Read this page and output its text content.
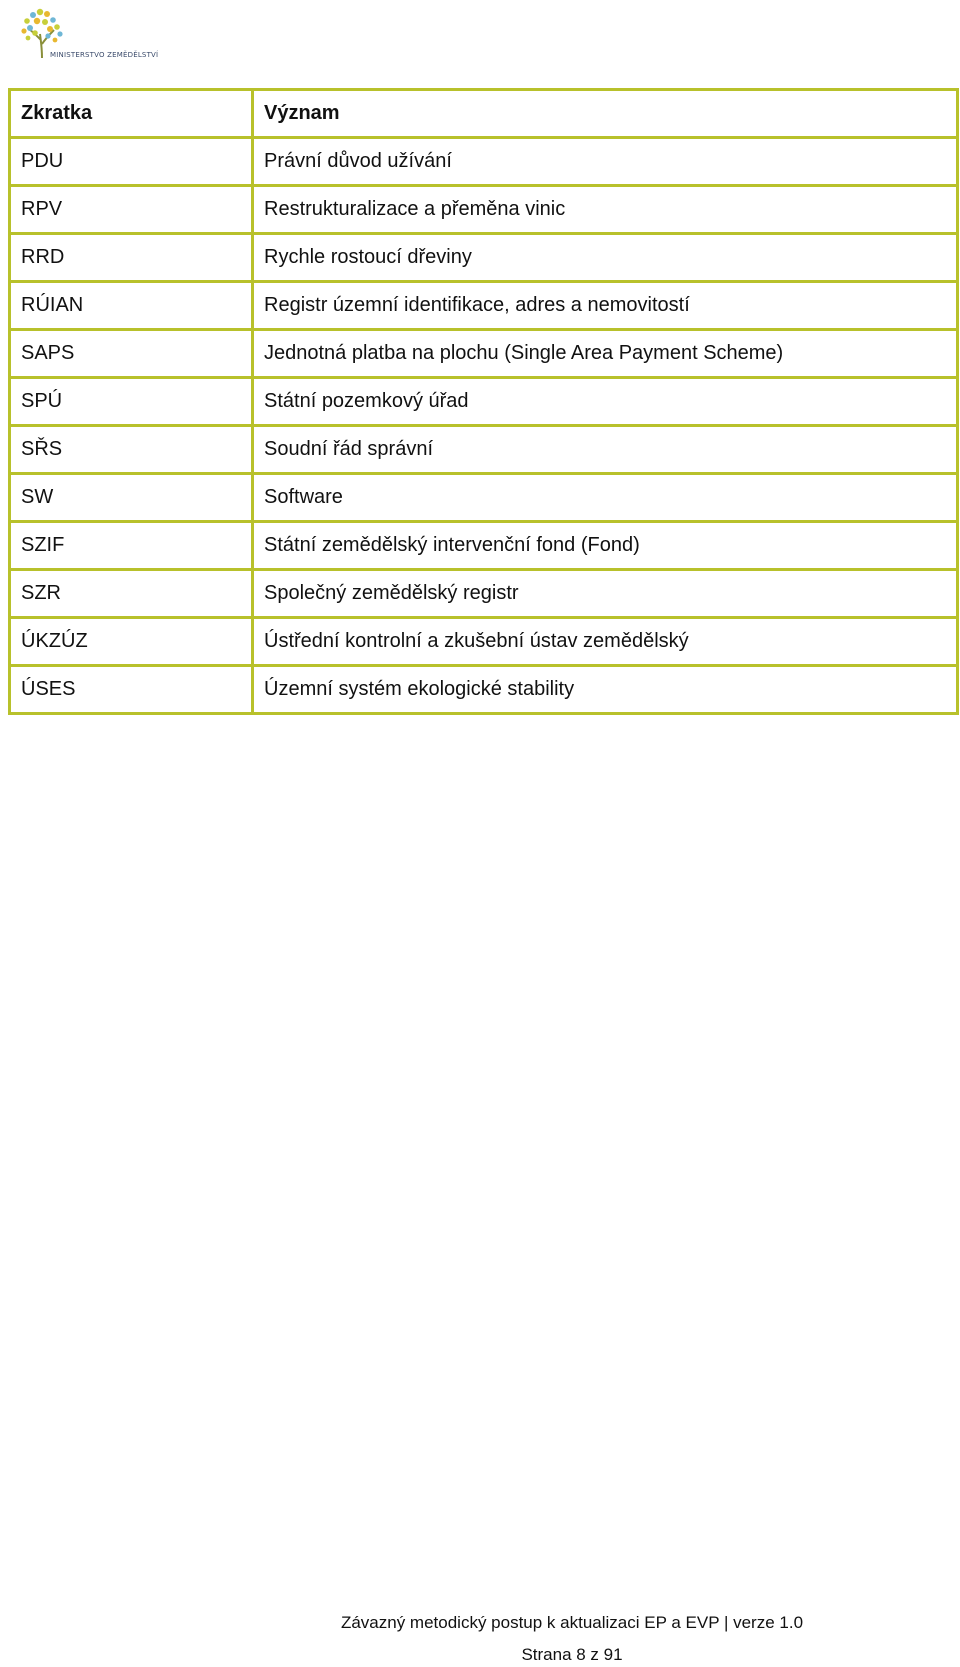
MINISTERSTVO ZEMĚDĚLSTVÍ
Zkratka	Význam
PDU	Právní důvod užívání
RPV	Restrukturalizace a přeměna vinic
RRD	Rychle rostoucí dřeviny
RÚIAN	Registr územní identifikace, adres a nemovitostí
SAPS	Jednotná platba na plochu (Single Area Payment Scheme)
SPÚ	Státní pozemkový úřad
SŘS	Soudní řád správní
SW	Software
SZIF	Státní zemědělský intervenční fond (Fond)
SZR	Společný zemědělský registr
ÚKZÚZ	Ústřední kontrolní a zkušební ústav zemědělský
ÚSES	Územní systém ekologické stability
Závazný metodický postup k aktualizaci EP a EVP | verze 1.0
Strana 8 z 91
